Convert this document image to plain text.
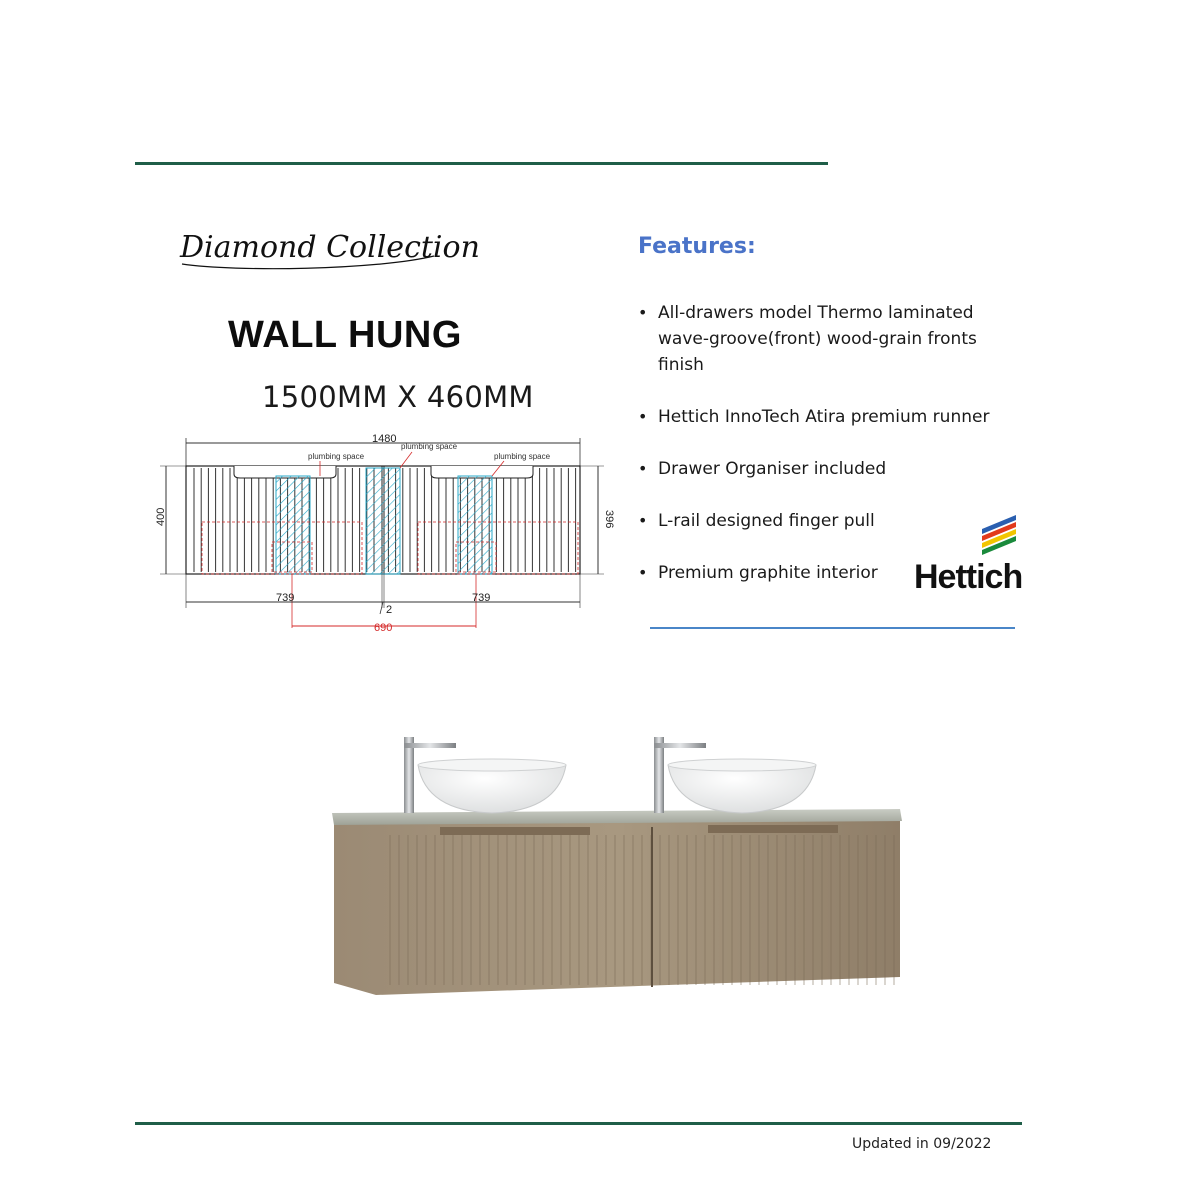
Diamond Collection
WALL HUNG
1500MM X 460MM
1480
690
plumbing space
plumbing space
plumbing space
400	396
739
2
739
Features:
• All-drawers model Thermo laminated wave-groove(front) wood-grain fronts finish
• Hettich InnoTech Atira premium runner
• Drawer Organiser included
• L-rail designed finger pull
• Premium graphite interior	Hettich
Updated in 09/2022
